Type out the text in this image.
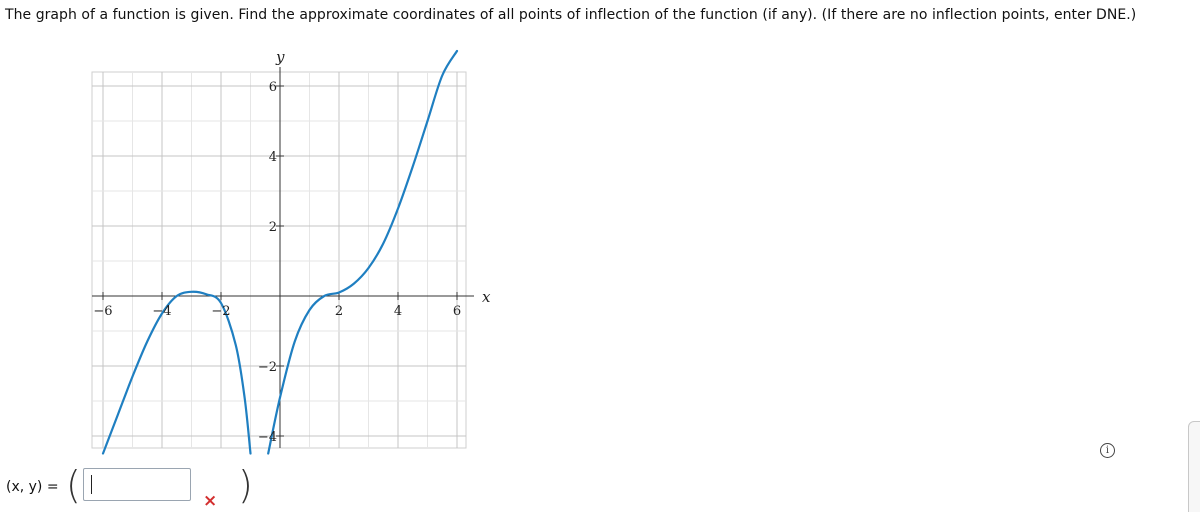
The graph of a function is given. Find the approximate coordinates of all points of inflection of the function (if any). (If there are no inflection points, enter DNE.)
−6	−4	−2	2	4	6
−4
−2
2
4
6
x
y
(x, y) = (	× )
i
